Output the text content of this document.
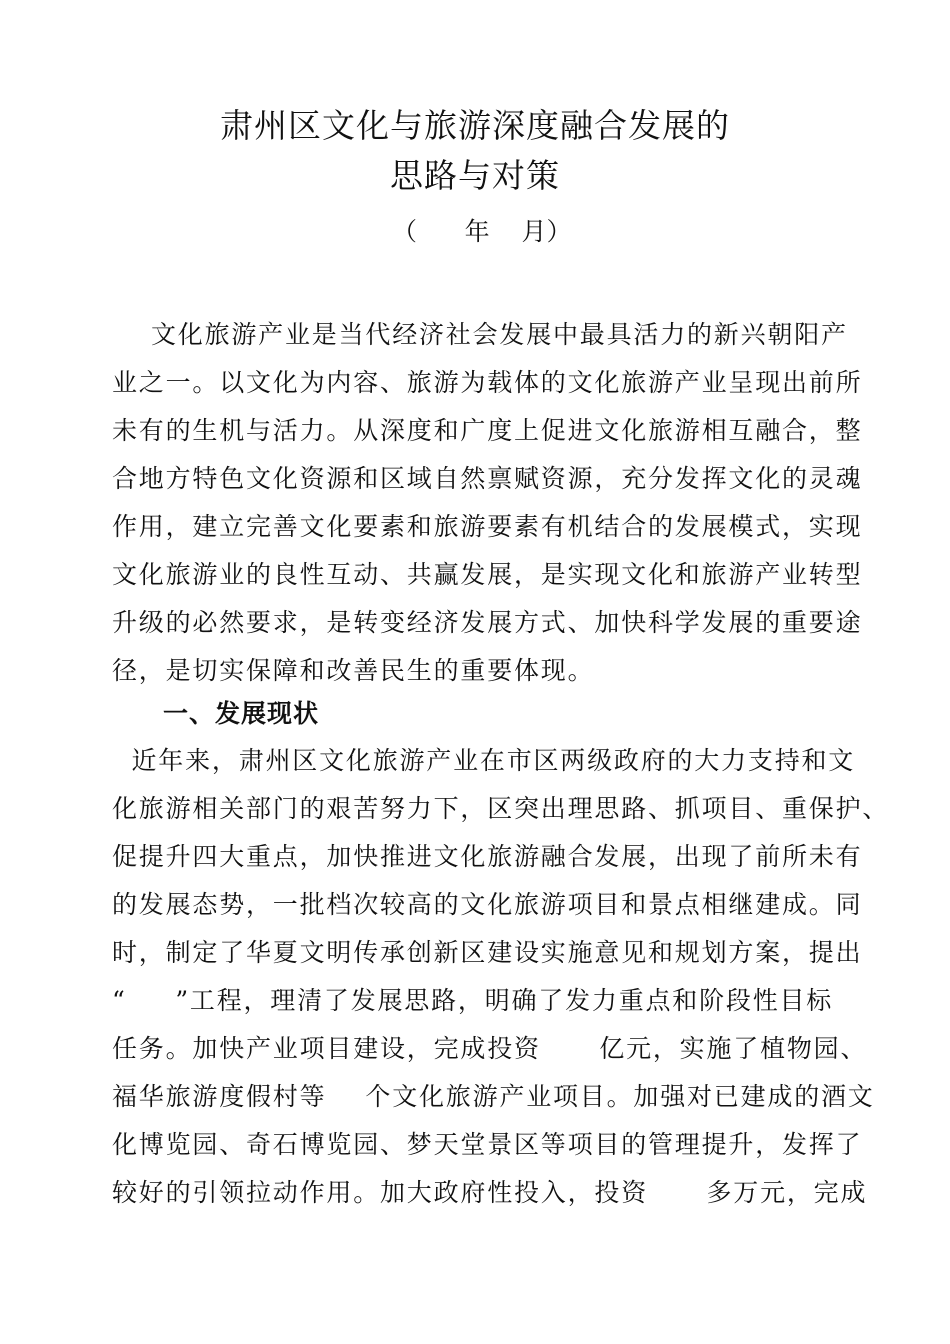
肃州区文化与旅游深度融合发展的
思路与对策
（      年    月）
文化旅游产业是当代经济社会发展中最具活力的新兴朝阳产
业之一。以文化为内容、旅游为载体的文化旅游产业呈现出前所
未有的生机与活力。从深度和广度上促进文化旅游相互融合，整
合地方特色文化资源和区域自然禀赋资源，充分发挥文化的灵魂
作用，建立完善文化要素和旅游要素有机结合的发展模式，实现
文化旅游业的良性互动、共赢发展，是实现文化和旅游产业转型
升级的必然要求，是转变经济发展方式、加快科学发展的重要途
径，是切实保障和改善民生的重要体现。
一、发展现状
近年来，肃州区文化旅游产业在市区两级政府的大力支持和文
化旅游相关部门的艰苦努力下，区突出理思路、抓项目、重保护、
促提升四大重点，加快推进文化旅游融合发展，出现了前所未有
的发展态势，一批档次较高的文化旅游项目和景点相继建成。同
时，制定了华夏文明传承创新区建设实施意见和规划方案，提出
“     ”工程，理清了发展思路，明确了发力重点和阶段性目标
任务。加快产业项目建设，完成投资      亿元，实施了植物园、
福华旅游度假村等    个文化旅游产业项目。加强对已建成的酒文
化博览园、奇石博览园、梦天堂景区等项目的管理提升，发挥了
较好的引领拉动作用。加大政府性投入，投资      多万元，完成
